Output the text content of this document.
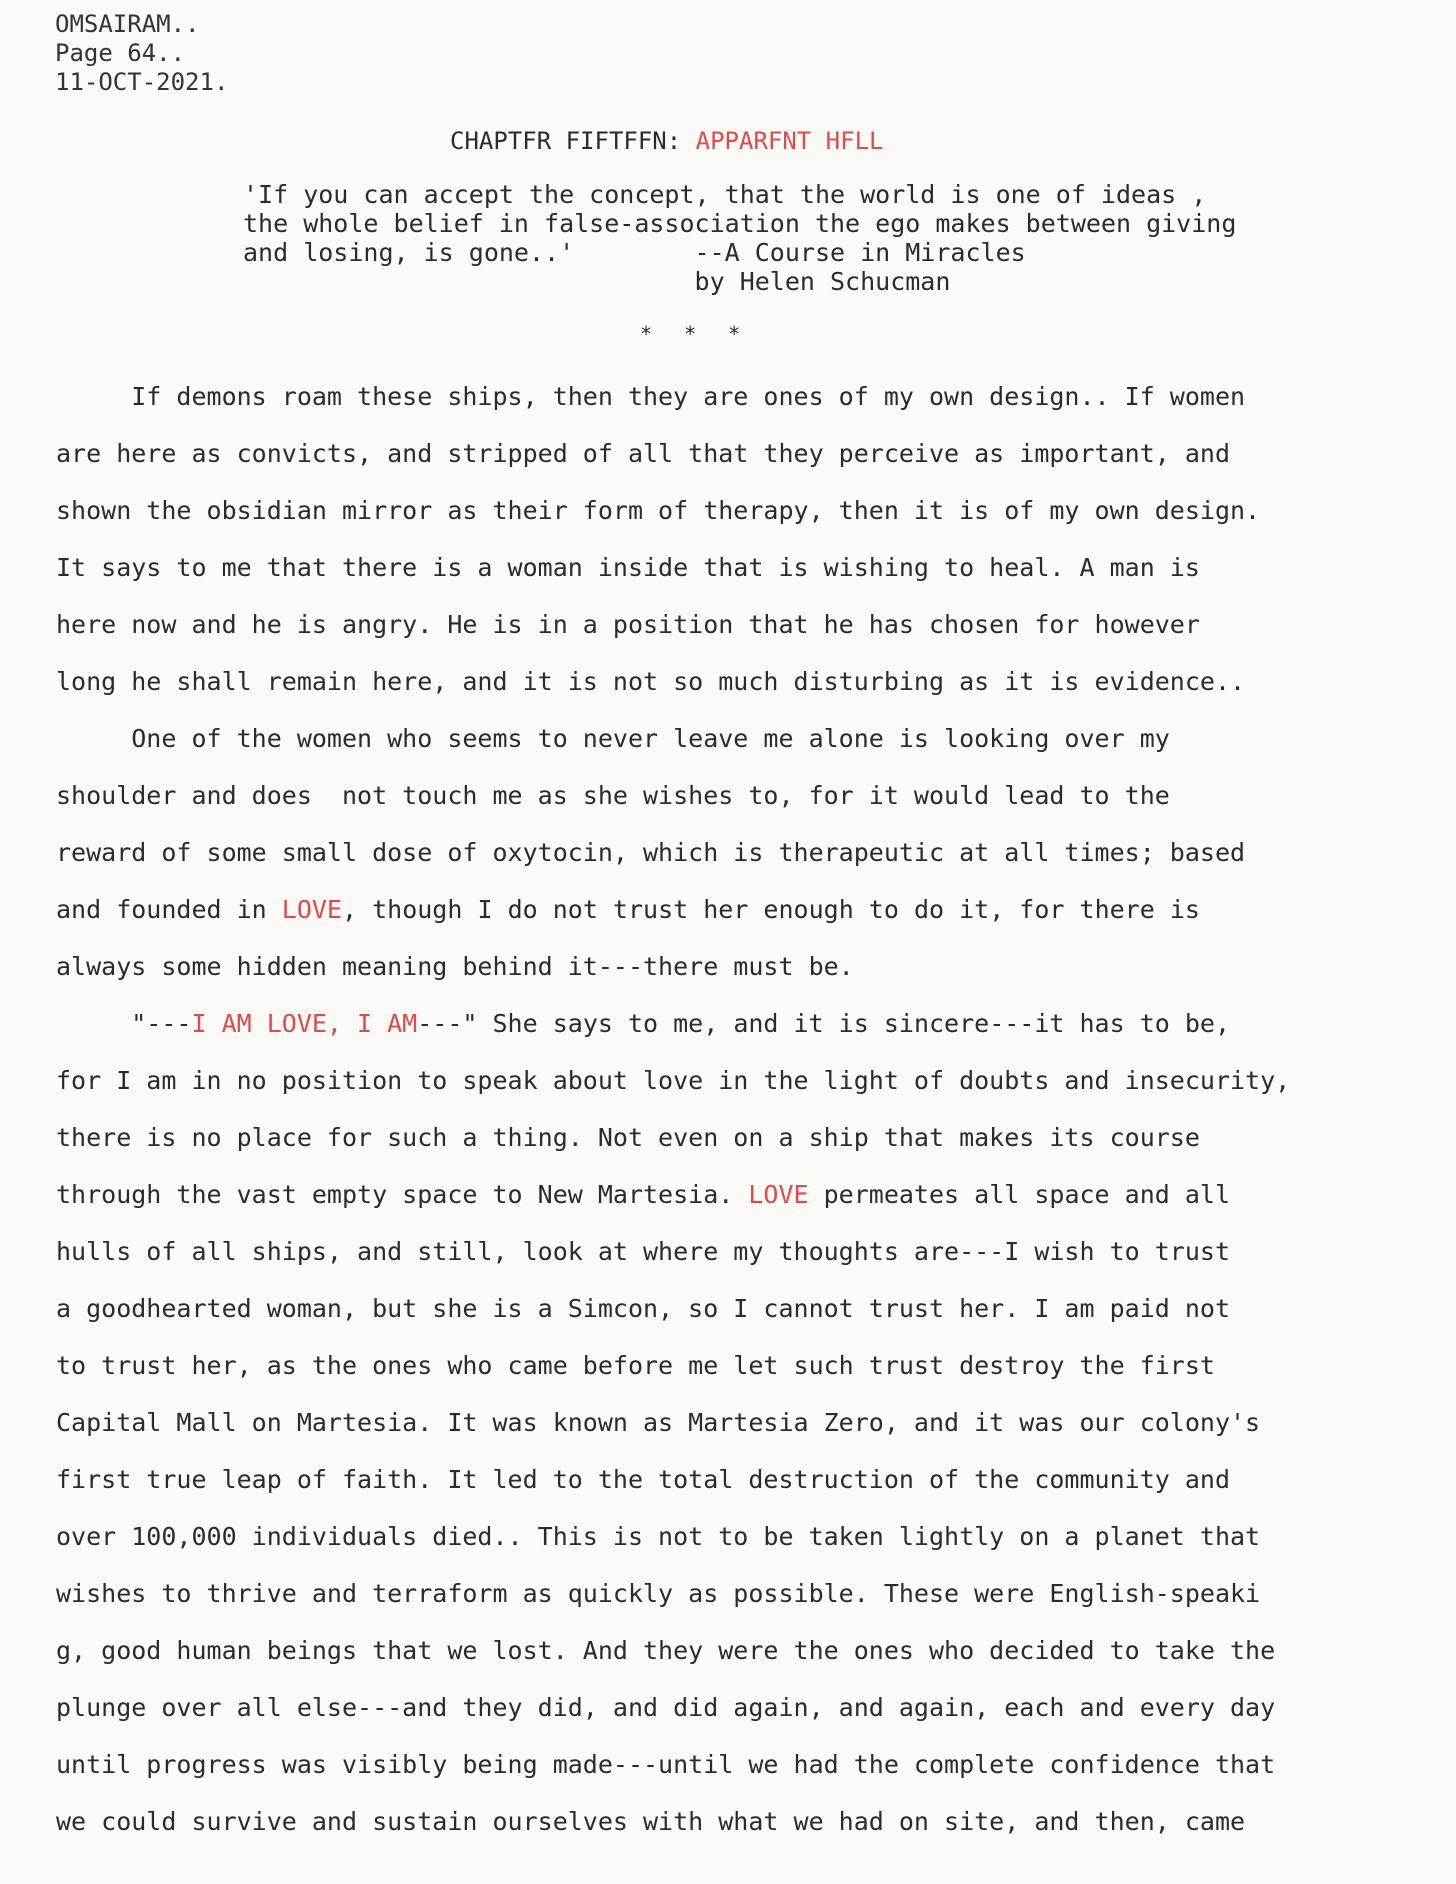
OMSAIRAM..
Page 64..
11-OCT-2021.
CHAPTFR FIFTFFN: APPARFNT HFLL
'If you can accept the concept, that the world is one of ideas ,
the whole belief in false-association the ego makes between giving
and losing, is gone..'        --A Course in Miracles
by Helen Schucman
* * *
If demons roam these ships, then they are ones of my own design.. If women
are here as convicts, and stripped of all that they perceive as important, and
shown the obsidian mirror as their form of therapy, then it is of my own design.
It says to me that there is a woman inside that is wishing to heal. A man is
here now and he is angry. He is in a position that he has chosen for however
long he shall remain here, and it is not so much disturbing as it is evidence..
One of the women who seems to never leave me alone is looking over my
shoulder and does  not touch me as she wishes to, for it would lead to the
reward of some small dose of oxytocin, which is therapeutic at all times; based
and founded in LOVE, though I do not trust her enough to do it, for there is
always some hidden meaning behind it---there must be.
"---I AM LOVE, I AM---" She says to me, and it is sincere---it has to be,
for I am in no position to speak about love in the light of doubts and insecurity,
there is no place for such a thing. Not even on a ship that makes its course
through the vast empty space to New Martesia. LOVE permeates all space and all
hulls of all ships, and still, look at where my thoughts are---I wish to trust
a goodhearted woman, but she is a Simcon, so I cannot trust her. I am paid not
to trust her, as the ones who came before me let such trust destroy the first
Capital Mall on Martesia. It was known as Martesia Zero, and it was our colony's
first true leap of faith. It led to the total destruction of the community and
over 100,000 individuals died.. This is not to be taken lightly on a planet that
wishes to thrive and terraform as quickly as possible. These were English-speaki
g, good human beings that we lost. And they were the ones who decided to take the
plunge over all else---and they did, and did again, and again, each and every day
until progress was visibly being made---until we had the complete confidence that
we could survive and sustain ourselves with what we had on site, and then, came
